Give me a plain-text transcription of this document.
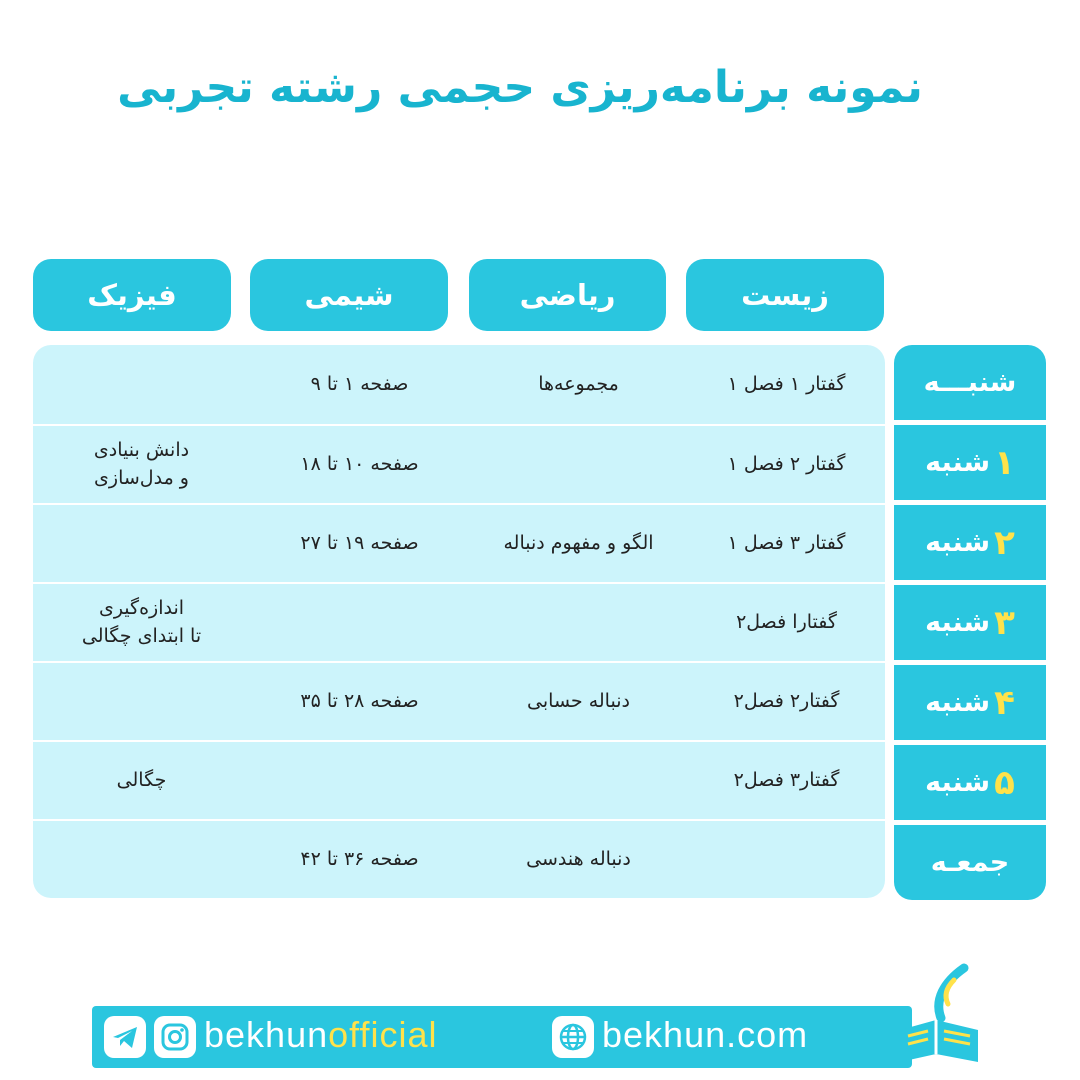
نمونه برنامه‌ریزی حجمی رشته تجربی
زیست
ریاضی
شیمی
فیزیک
گفتار ۱ فصل ۱
مجموعه‌ها
صفحه ۱ تا ۹
گفتار ۲ فصل ۱
صفحه ۱۰ تا ۱۸
دانش بنیادی
و مدل‌سازی
گفتار ۳ فصل ۱
الگو و مفهوم دنباله
صفحه ۱۹ تا ۲۷
گفتارا فصل۲
اندازه‌گیری
تا ابتدای چگالی
گفتار۲ فصل۲
دنباله حسابی
صفحه ۲۸ تا ۳۵
گفتار۳ فصل۲
چگالی
دنباله هندسی
صفحه ۳۶ تا ۴۲
شنبـــه
۱
شنبه
۲
شنبه
۳
شنبه
۴
شنبه
۵
شنبه
جمعـه
bekhunofficial	bekhun.com
